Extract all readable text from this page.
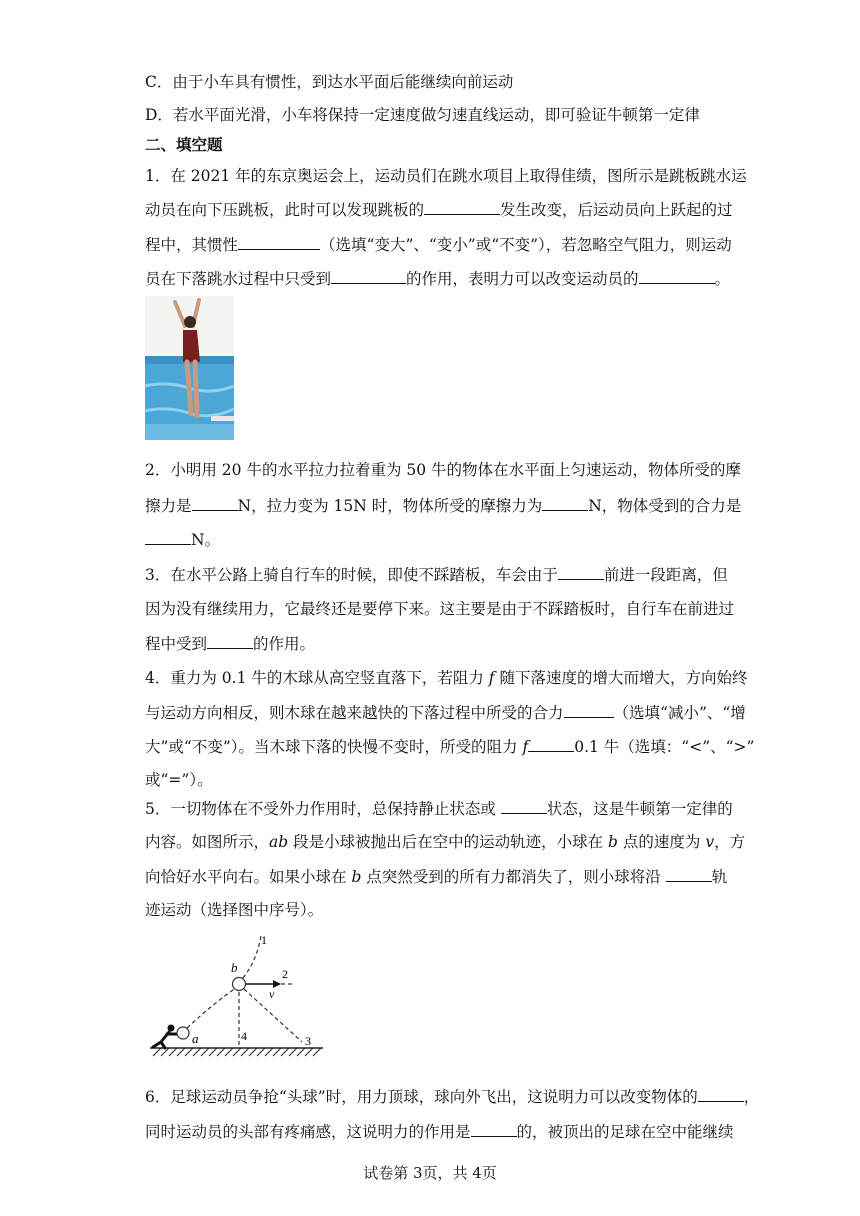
C．由于小车具有惯性，到达水平面后能继续向前运动
D．若水平面光滑，小车将保持一定速度做匀速直线运动，即可验证牛顿第一定律
二、填空题
1．在 2021 年的东京奥运会上，运动员们在跳水项目上取得佳绩，图所示是跳板跳水运
动员在向下压跳板，此时可以发现跳板的	发生改变，后运动员向上跃起的过
程中，其惯性	（选填“变大”、“变小”或“不变”），若忽略空气阻力，则运动
员在下落跳水过程中只受到	的作用，表明力可以改变运动员的	。
2．小明用 20 牛的水平拉力拉着重为 50 牛的物体在水平面上匀速运动，物体所受的摩
擦力是	N，拉力变为 15N 时，物体所受的摩擦力为	N，物体受到的合力是
N。
3．在水平公路上骑自行车的时候，即使不踩踏板，车会由于	前进一段距离，但
因为没有继续用力，它最终还是要停下来。这主要是由于不踩踏板时，自行车在前进过
程中受到	的作用。
4．重力为 0.1 牛的木球从高空竖直落下，若阻力 f 随下落速度的增大而增大，方向始终
与运动方向相反，则木球在越来越快的下落过程中所受的合力	（选填“减小”、“增
大”或“不变”）。当木球下落的快慢不变时，所受的阻力 f	0.1 牛（选填：“<”、“>”
或“=”）。
5．一切物体在不受外力作用时，总保持静止状态或	状态，这是牛顿第一定律的
内容。如图所示，ab 段是小球被抛出后在空中的运动轨迹，小球在 b 点的速度为 v，方
向恰好水平向右。如果小球在 b 点突然受到的所有力都消失了，则小球将沿	轨
迹运动（选择图中序号）。
a
b
1
2
v
3
4
6．足球运动员争抢“头球”时，用力顶球，球向外飞出，这说明力可以改变物体的	，
同时运动员的头部有疼痛感，这说明力的作用是	的，被顶出的足球在空中能继续
试卷第 3页，共 4页
